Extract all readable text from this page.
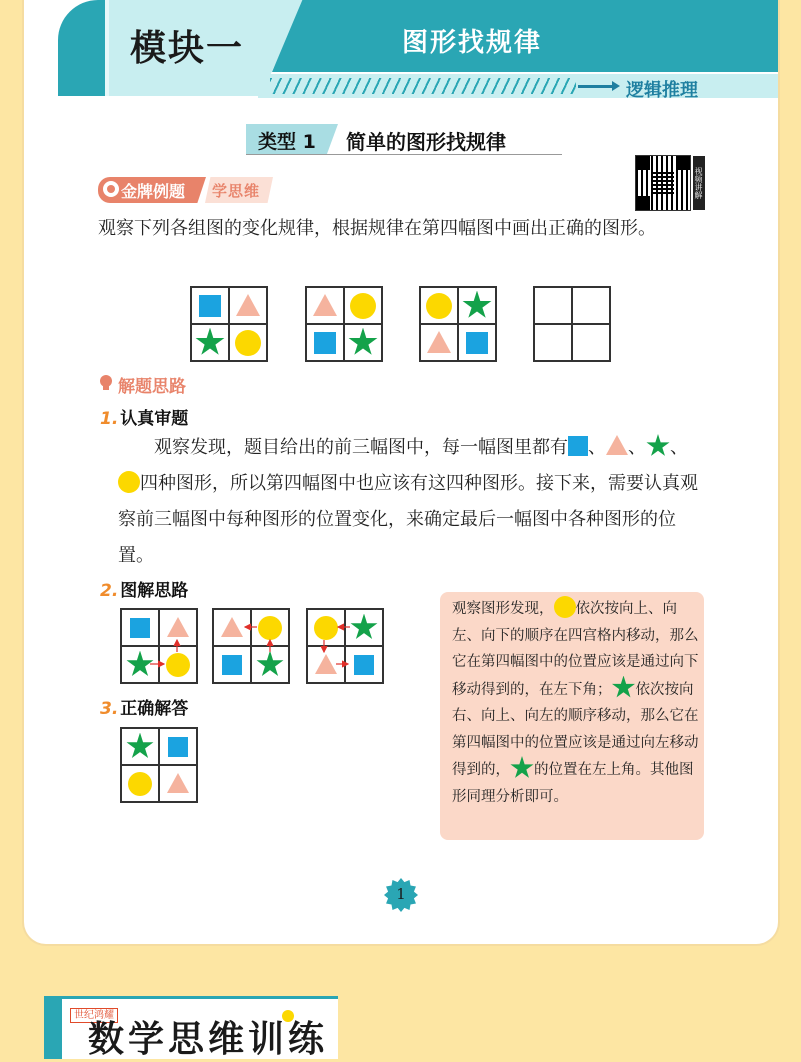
模块一	图形找规律
逻辑推理
类型 1 简单的图形找规律
视频讲解
金牌例题 学思维
观察下列各组图的变化规律，根据规律在第四幅图中画出正确的图形。
解题思路
1. 认真审题
观察发现，题目给出的前三幅图中，每一幅图里都有 、 、 、四种图形，所以第四幅图中也应该有这四种图形。接下来，需要认真观察前三幅图中每种图形的位置变化，来确定最后一幅图中各种图形的位置。
2. 图解思路
3. 正确解答
观察图形发现， 依次按向上、向左、向下的顺序在四宫格内移动，那么它在第四幅图中的位置应该是通过向下移动得到的，在左下角； 依次按向右、向上、向左的顺序移动，那么它在第四幅图中的位置应该是通过向左移动得到的， 的位置在左上角。其他图形同理分析即可。
1
世纪鸿耀
